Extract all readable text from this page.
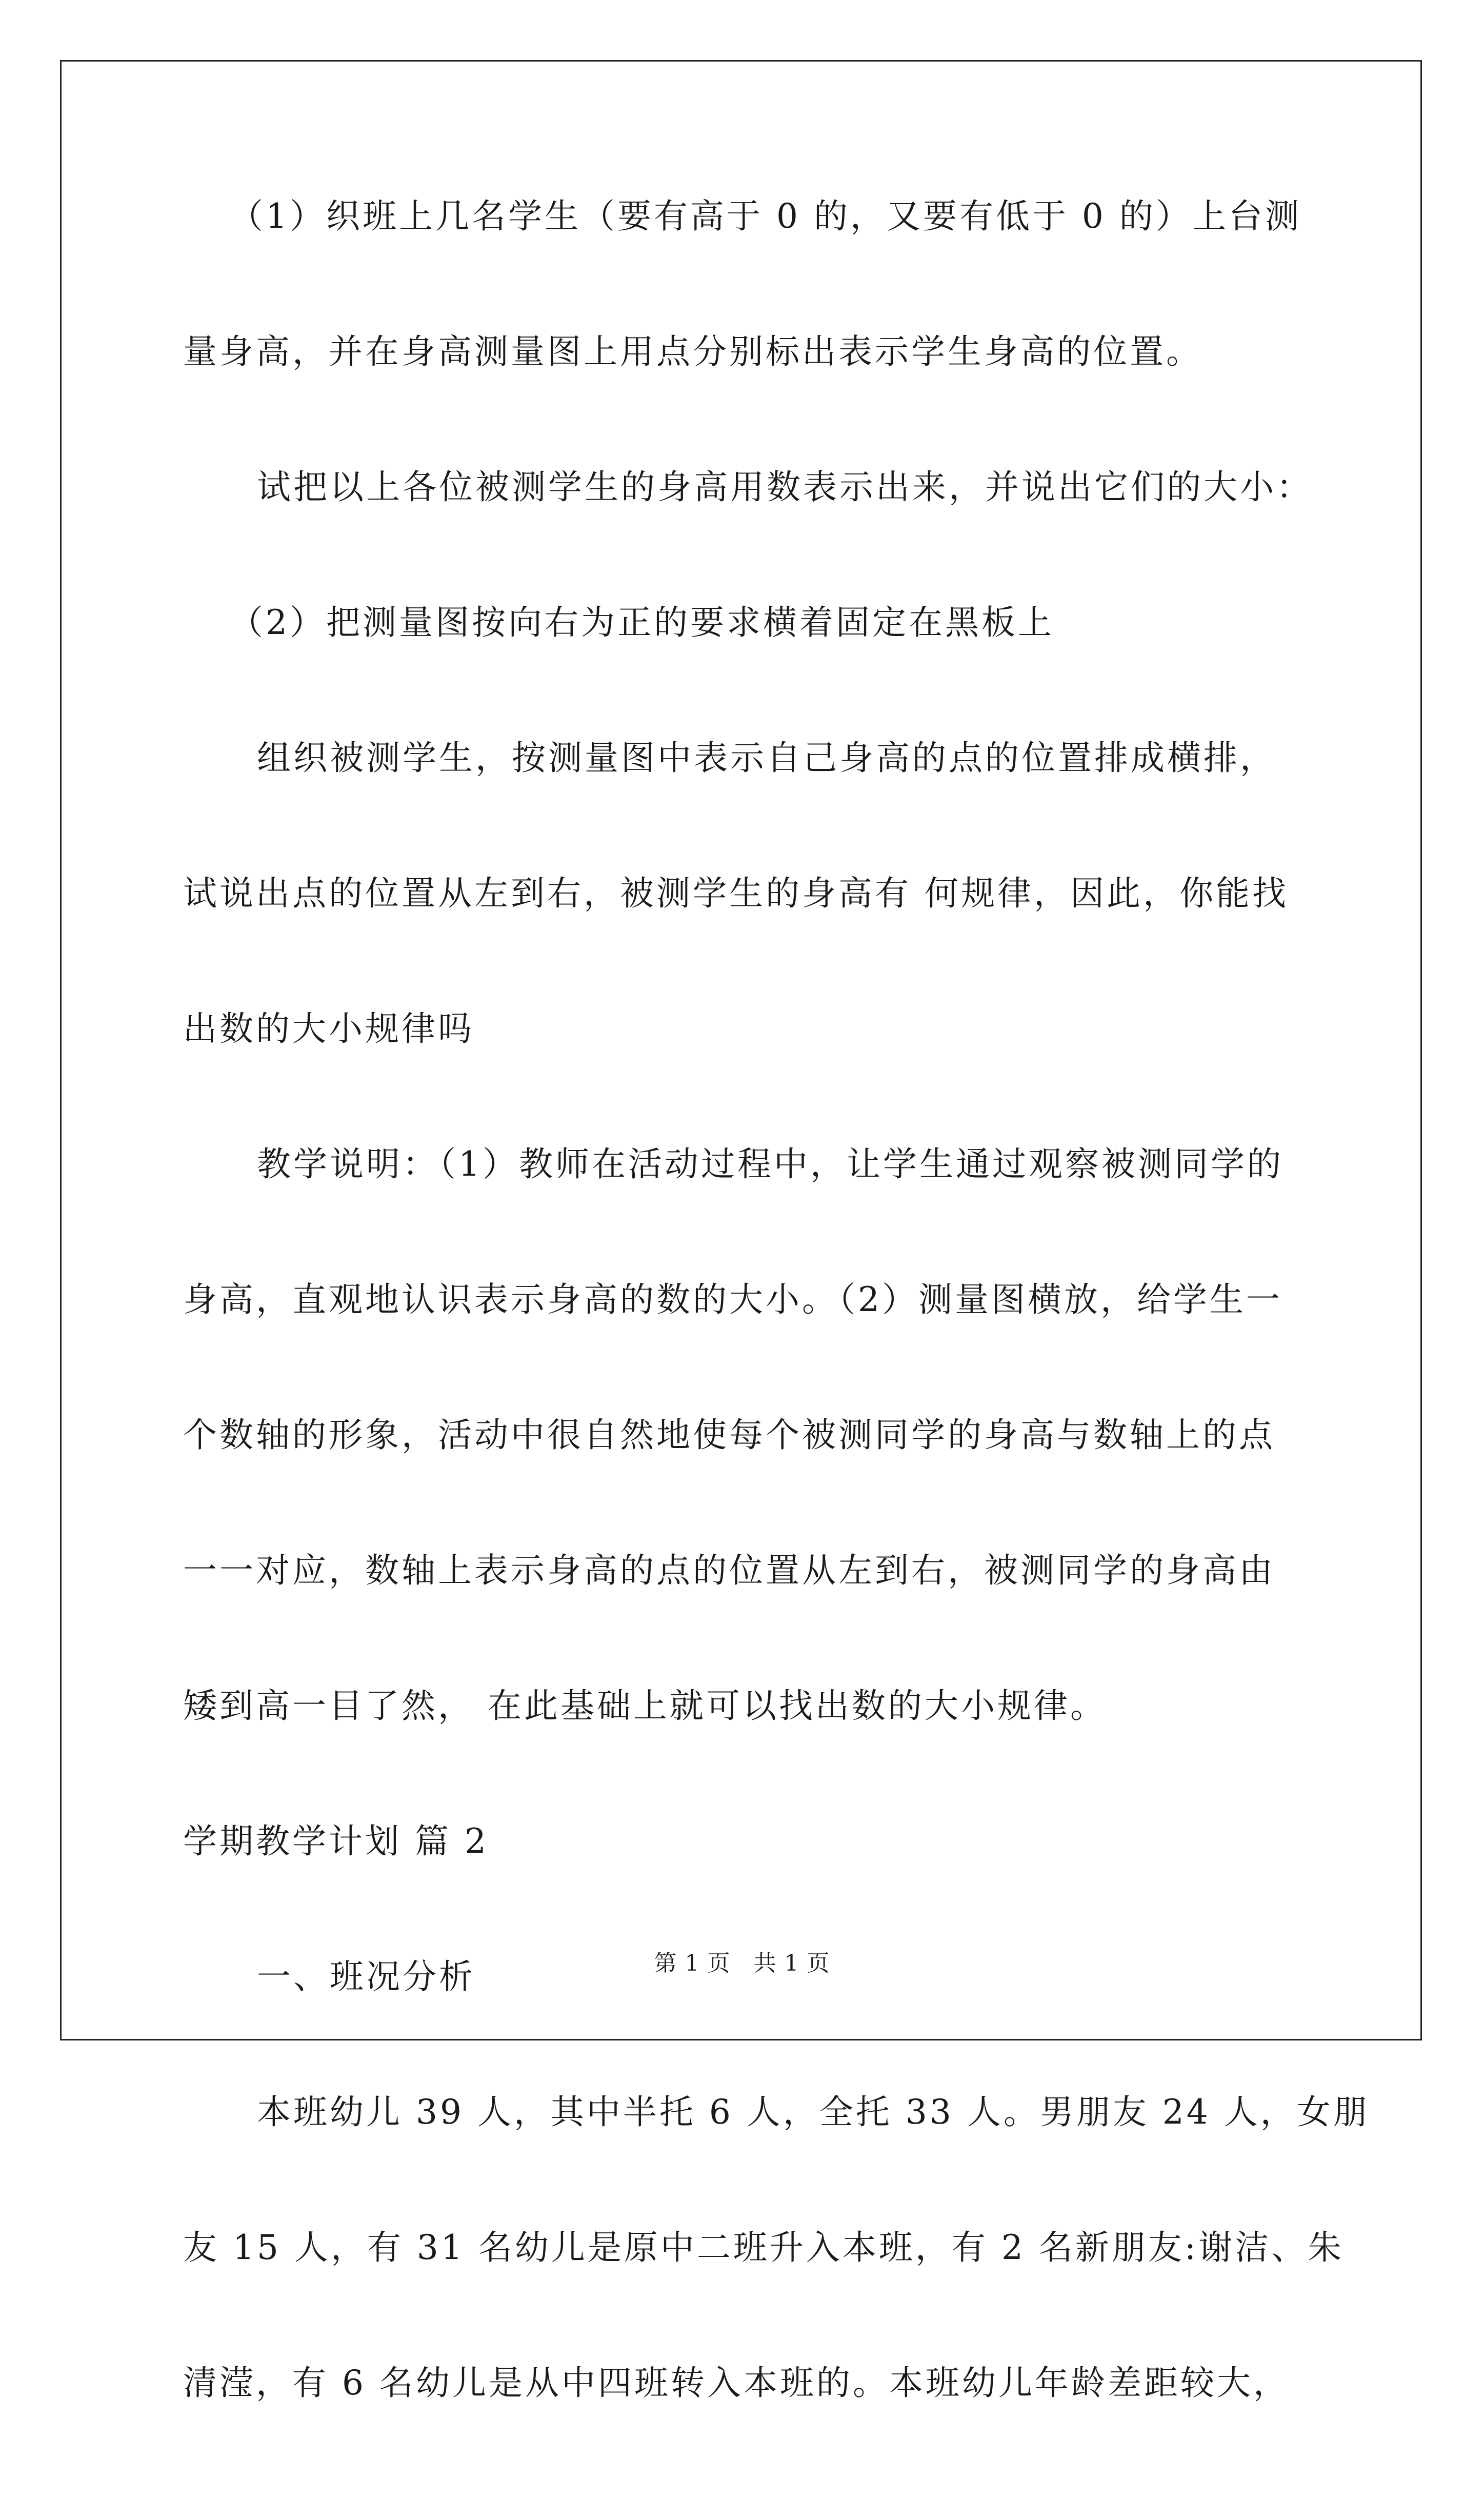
（1）织班上几名学生（要有高于 0 的，又要有低于 0 的）上台测
量身高，并在身高测量图上用点分别标出表示学生身高的位置。
试把以上各位被测学生的身高用数表示出来，并说出它们的大小：
（2）把测量图按向右为正的要求横着固定在黑板上
组织被测学生，按测量图中表示自己身高的点的位置排成横排，
试说出点的位置从左到右，被测学生的身高有 何规律，因此，你能找
出数的大小规律吗
教学说明：（1）教师在活动过程中，让学生通过观察被测同学的
身高，直观地认识表示身高的数的大小。（2）测量图横放，给学生一
个数轴的形象，活动中很自然地使每个被测同学的身高与数轴上的点
一一对应，数轴上表示身高的点的位置从左到右，被测同学的身高由
矮到高一目了然， 在此基础上就可以找出数的大小规律。
学期教学计划 篇 2
一、班况分析
本班幼儿 39 人，其中半托 6 人，全托 33 人。男朋友 24 人，女朋
友 15 人，有 31 名幼儿是原中二班升入本班，有 2 名新朋友:谢洁、朱
清滢，有 6 名幼儿是从中四班转入本班的。本班幼儿年龄差距较大，
第 1 页   共 1 页
